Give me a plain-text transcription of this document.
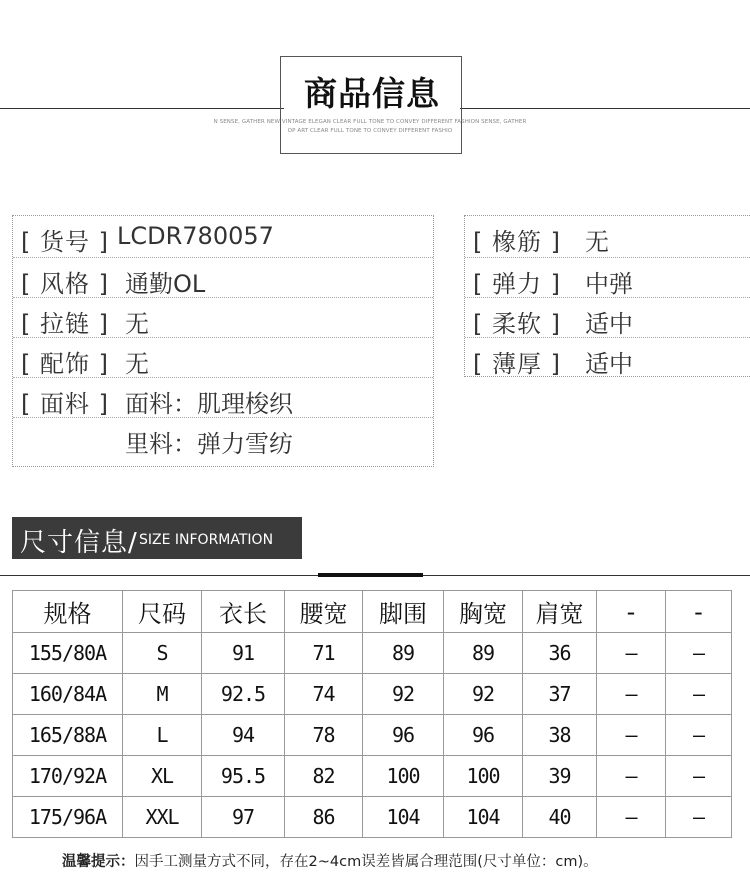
商品信息
N SENSE, GATHER NEW VINTAGE ELEGAN CLEAR FULL TONE TO CONVEY DIFFERENT FASHION SENSE, GATHER
OP ART CLEAR FULL TONE TO CONVEY DIFFERENT FASHIO
[ 货号 ] LCDR780057
[ 风格 ] 通勤OL
[ 拉链 ] 无
[ 配饰 ] 无
[ 面料 ] 面料：肌理梭织
里料：弹力雪纺
[ 橡筋 ] 无
[ 弹力 ] 中弹
[ 柔软 ] 适中
[ 薄厚 ] 适中
尺寸信息/ SIZE INFORMATION
规格	尺码	衣长	腰宽	脚围	胸宽	肩宽	-	-
155/80A	S	91	71	89	89	36	–	–
160/84A	M	92.5	74	92	92	37	–	–
165/88A	L	94	78	96	96	38	–	–
170/92A	XL	95.5	82	100	100	39	–	–
175/96A	XXL	97	86	104	104	40	–	–
温馨提示：因手工测量方式不同，存在2~4cm误差皆属合理范围(尺寸单位：cm)。
